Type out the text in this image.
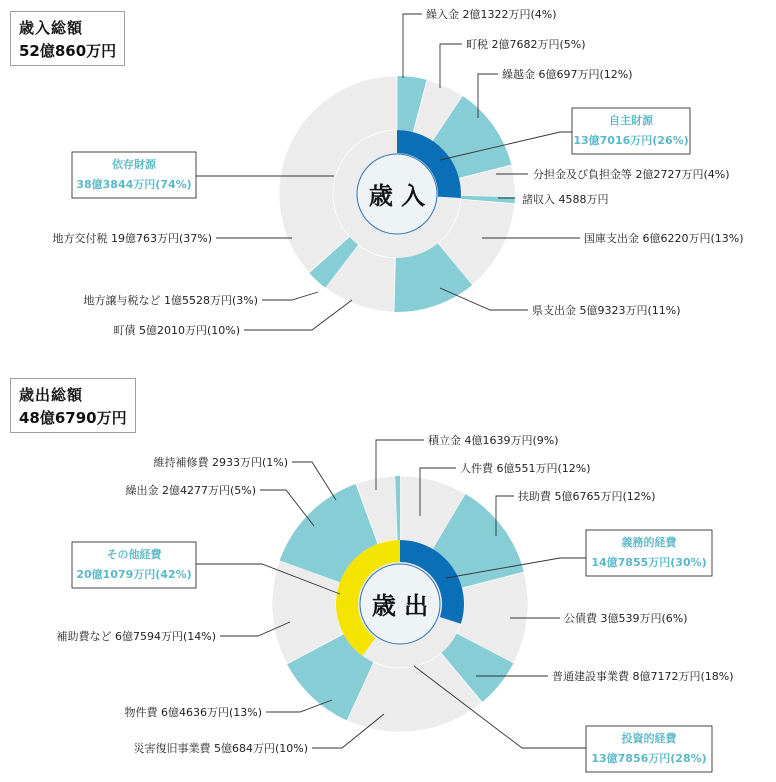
歳入総額
52億860万円
歳出総額
48億6790万円
繰入金 2億1322万円(4%)
町税 2億7682万円(5%)
繰越金 6億697万円(12%)
分担金及び負担金等 2億2727万円(4%)
諸収入 4588万円
国庫支出金 6億6220万円(13%)
県支出金 5億9323万円(11%)
町債 5億2010万円(10%)
地方譲与税など 1億5528万円(3%)
地方交付税 19億763万円(37%)
自主財源
13億7016万円(26%)
依存財源
38億3844万円(74%)
積立金 4億1639万円(9%)
人件費 6億551万円(12%)
扶助費 5億6765万円(12%)
公債費 3億539万円(6%)
普通建設事業費 8億7172万円(18%)
災害復旧事業費 5億684万円(10%)
物件費 6億4636万円(13%)
補助費など 6億7594万円(14%)
繰出金 2億4277万円(5%)
維持補修費 2933万円(1%)
義務的経費
14億7855万円(30%)
投資的経費
13億7856万円(28%)
その他経費
20億1079万円(42%)
歳 入
歳 出
